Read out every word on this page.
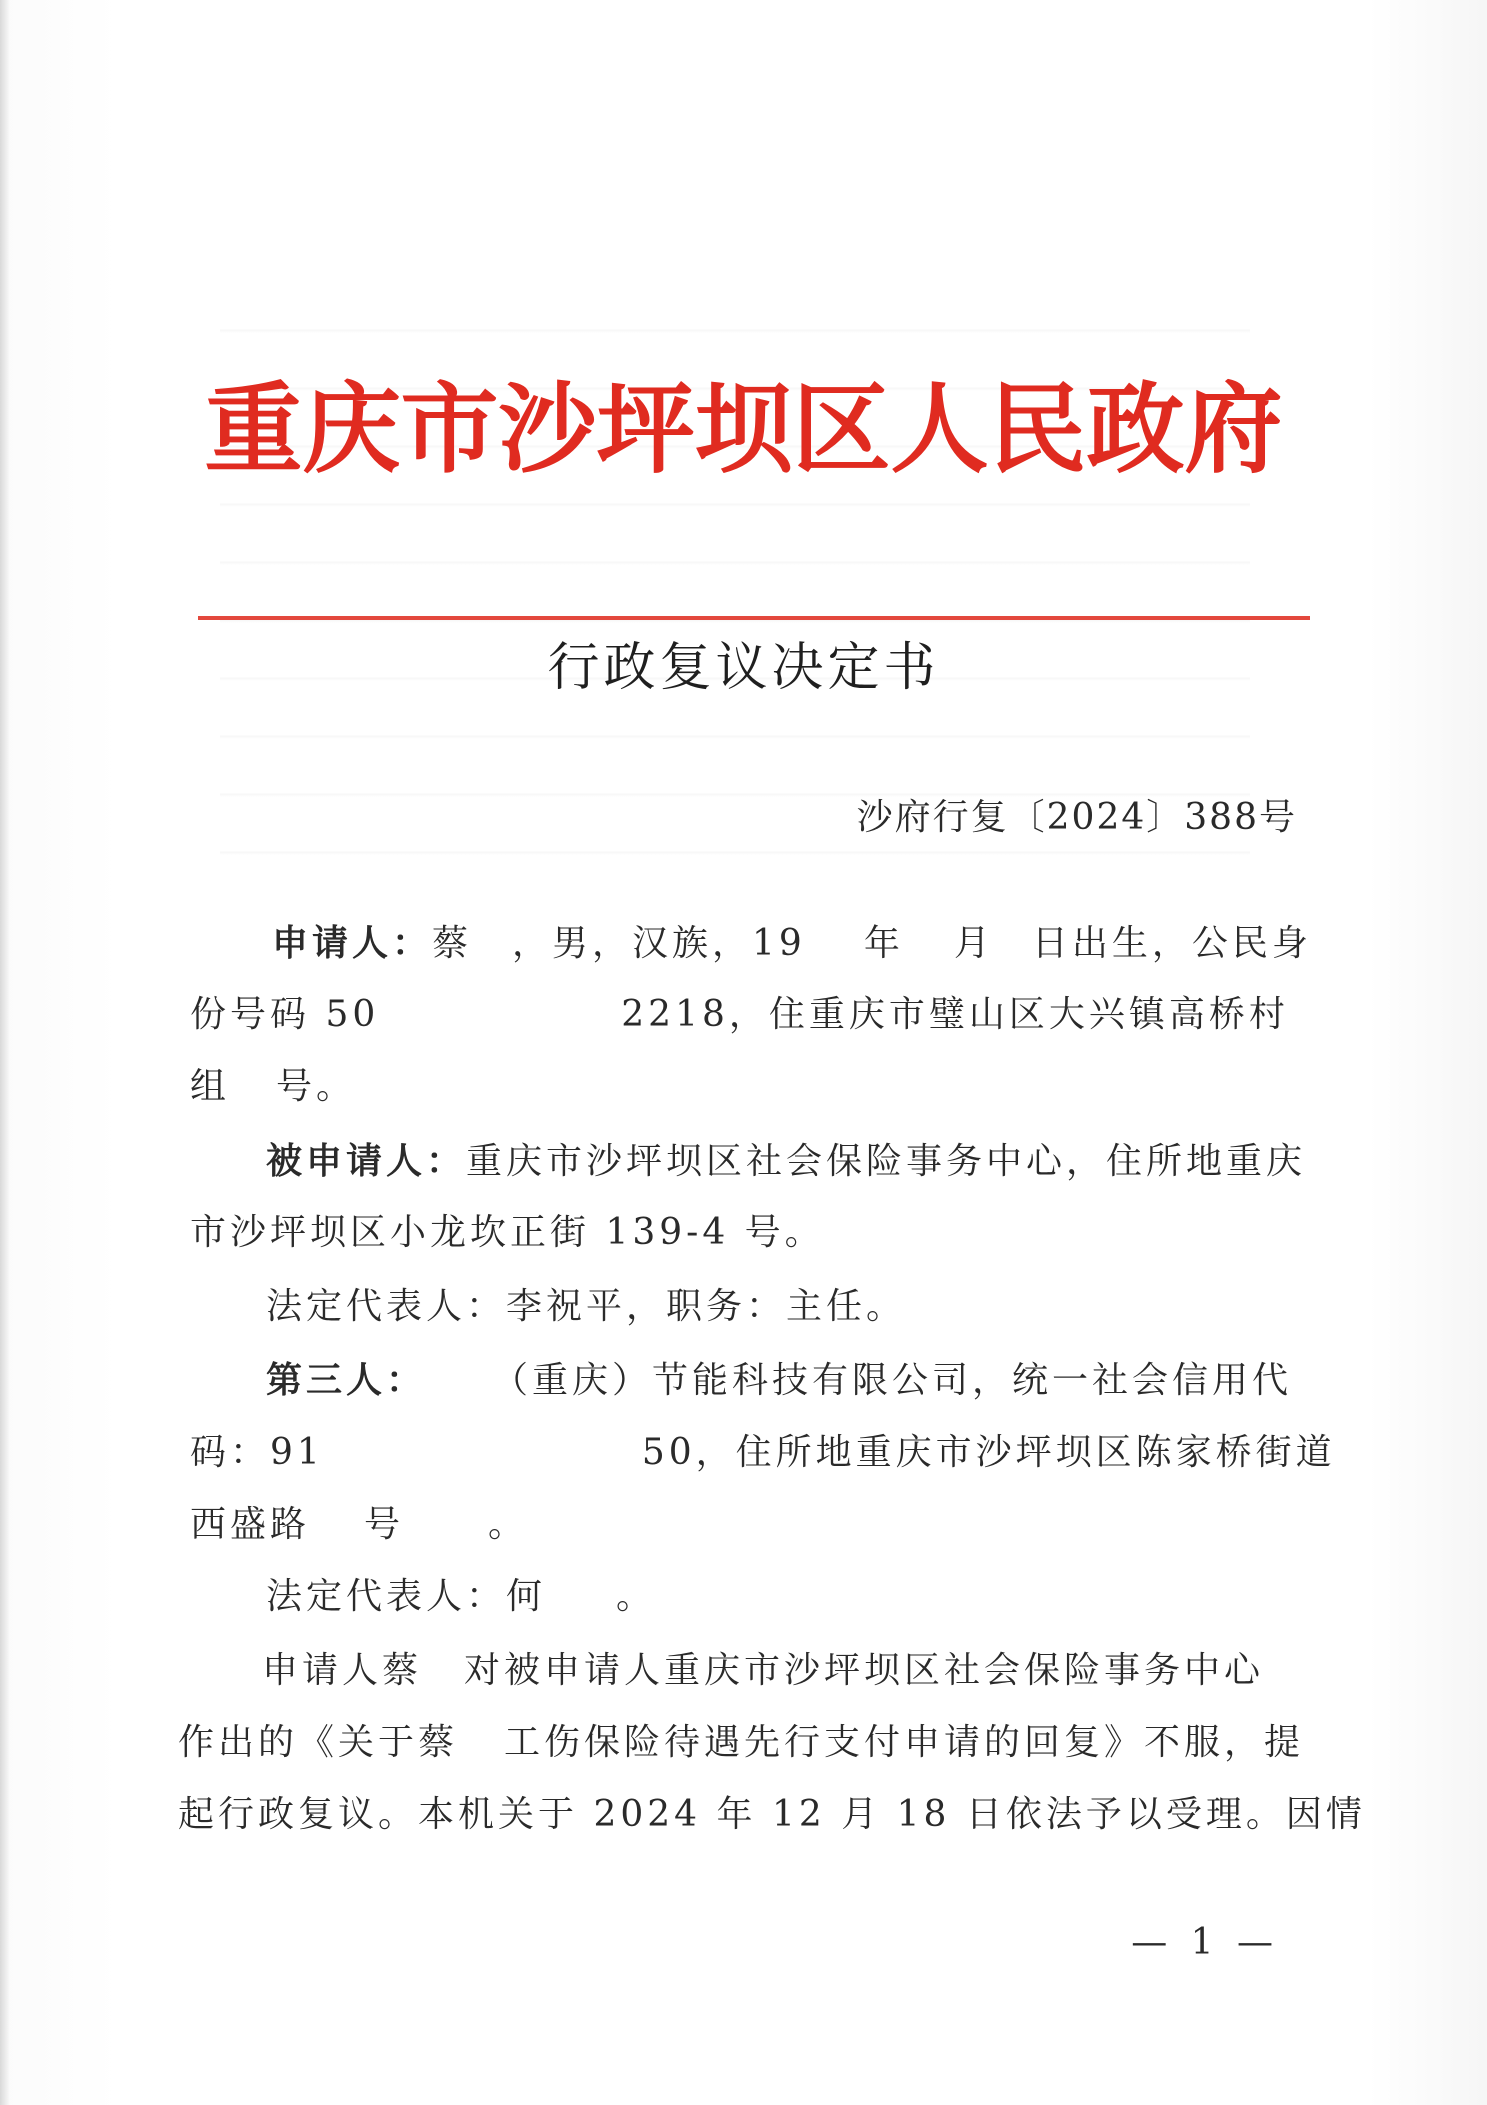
重庆市沙坪坝区人民政府
行政复议决定书
沙府行复〔2024〕388号
申请人：蔡 ，男，汉族，19 年 月 日出生，公民身
份号码 50	2218，住重庆市璧山区大兴镇高桥村
组 号。
被申请人：重庆市沙坪坝区社会保险事务中心，住所地重庆
市沙坪坝区小龙坎正街 139-4 号。
法定代表人：李祝平，职务：主任。
第三人： （重庆）节能科技有限公司，统一社会信用代
码：91	50，住所地重庆市沙坪坝区陈家桥街道
西盛路 号 。
法定代表人：何 。
申请人蔡 对被申请人重庆市沙坪坝区社会保险事务中心
作出的《关于蔡 工伤保险待遇先行支付申请的回复》不服，提
起行政复议。本机关于 2024 年 12 月 18 日依法予以受理。因情
— 1 —
